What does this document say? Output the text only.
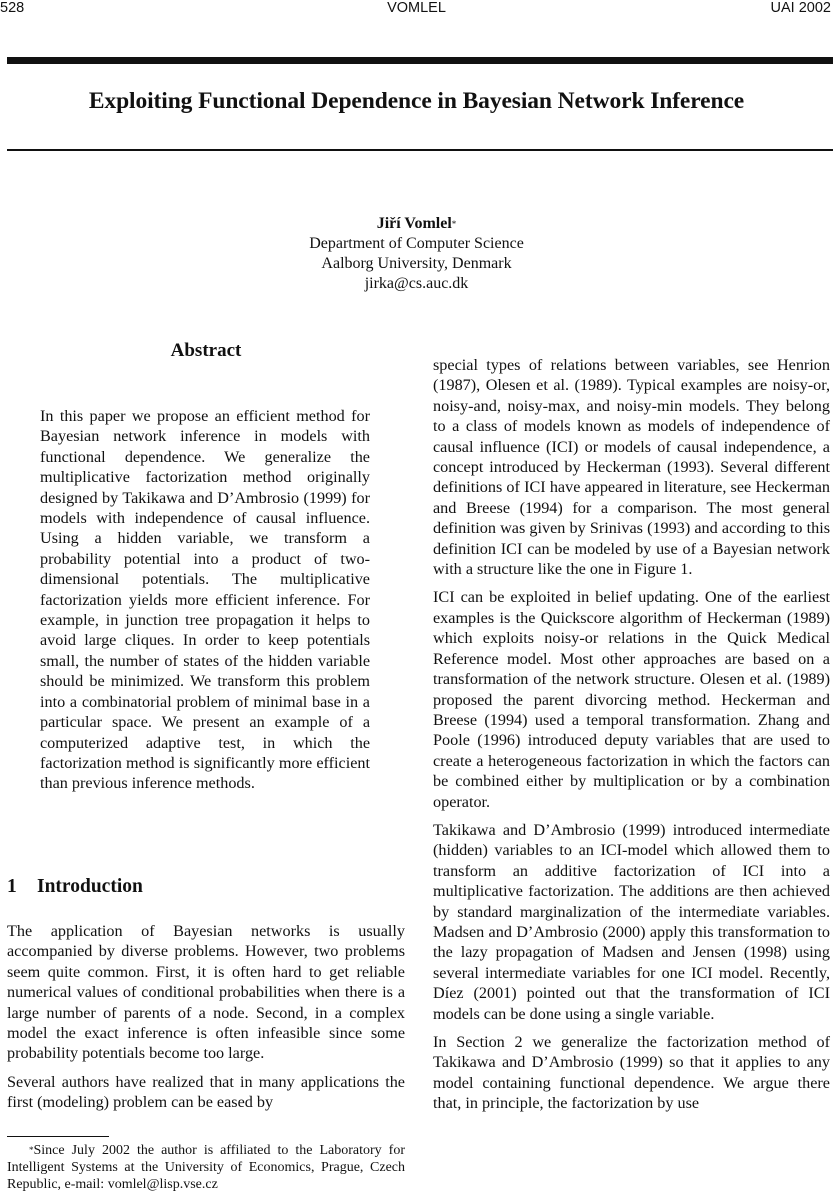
528	VOMLEL	UAI 2002
Exploiting Functional Dependence in Bayesian Network Inference
Jiří Vomlel*
Department of Computer Science
Aalborg University, Denmark
jirka@cs.auc.dk
Abstract
In this paper we propose an efficient method for Bayesian network inference in models with functional dependence. We generalize the multiplicative factorization method originally designed by Takikawa and D’Ambrosio (1999) for models with independence of causal influence. Using a hidden variable, we transform a probability potential into a product of two-dimensional potentials. The multiplicative factorization yields more efficient inference. For example, in junction tree propagation it helps to avoid large cliques. In order to keep potentials small, the number of states of the hidden variable should be minimized. We transform this problem into a combinatorial problem of minimal base in a particular space. We present an example of a computerized adaptive test, in which the factorization method is significantly more efficient than previous inference methods.
1 Introduction

The application of Bayesian networks is usually accompanied by diverse problems. However, two problems seem quite common. First, it is often hard to get reliable numerical values of conditional probabilities when there is a large number of parents of a node. Second, in a complex model the exact inference is often infeasible since some probability potentials become too large.

Several authors have realized that in many applications the first (modeling) problem can be eased by

*Since July 2002 the author is affiliated to the Laboratory for Intelligent Systems at the University of Economics, Prague, Czech Republic, e-mail: vomlel@lisp.vse.cz

special types of relations between variables, see Henrion (1987), Olesen et al. (1989). Typical examples are noisy-or, noisy-and, noisy-max, and noisy-min models. They belong to a class of models known as models of independence of causal influence (ICI) or models of causal independence, a concept introduced by Heckerman (1993). Several different definitions of ICI have appeared in literature, see Heckerman and Breese (1994) for a comparison. The most general definition was given by Srinivas (1993) and according to this definition ICI can be modeled by use of a Bayesian network with a structure like the one in Figure 1.

ICI can be exploited in belief updating. One of the earliest examples is the Quickscore algorithm of Heckerman (1989) which exploits noisy-or relations in the Quick Medical Reference model. Most other approaches are based on a transformation of the network structure. Olesen et al. (1989) proposed the parent divorcing method. Heckerman and Breese (1994) used a temporal transformation. Zhang and Poole (1996) introduced deputy variables that are used to create a heterogeneous factorization in which the factors can be combined either by multiplication or by a combination operator.

Takikawa and D’Ambrosio (1999) introduced intermediate (hidden) variables to an ICI-model which allowed them to transform an additive factorization of ICI into a multiplicative factorization. The additions are then achieved by standard marginalization of the intermediate variables. Madsen and D’Ambrosio (2000) apply this transformation to the lazy propagation of Madsen and Jensen (1998) using several intermediate variables for one ICI model. Recently, Díez (2001) pointed out that the transformation of ICI models can be done using a single variable.

In Section 2 we generalize the factorization method of Takikawa and D’Ambrosio (1999) so that it applies to any model containing functional dependence. We argue there that, in principle, the factorization by use
